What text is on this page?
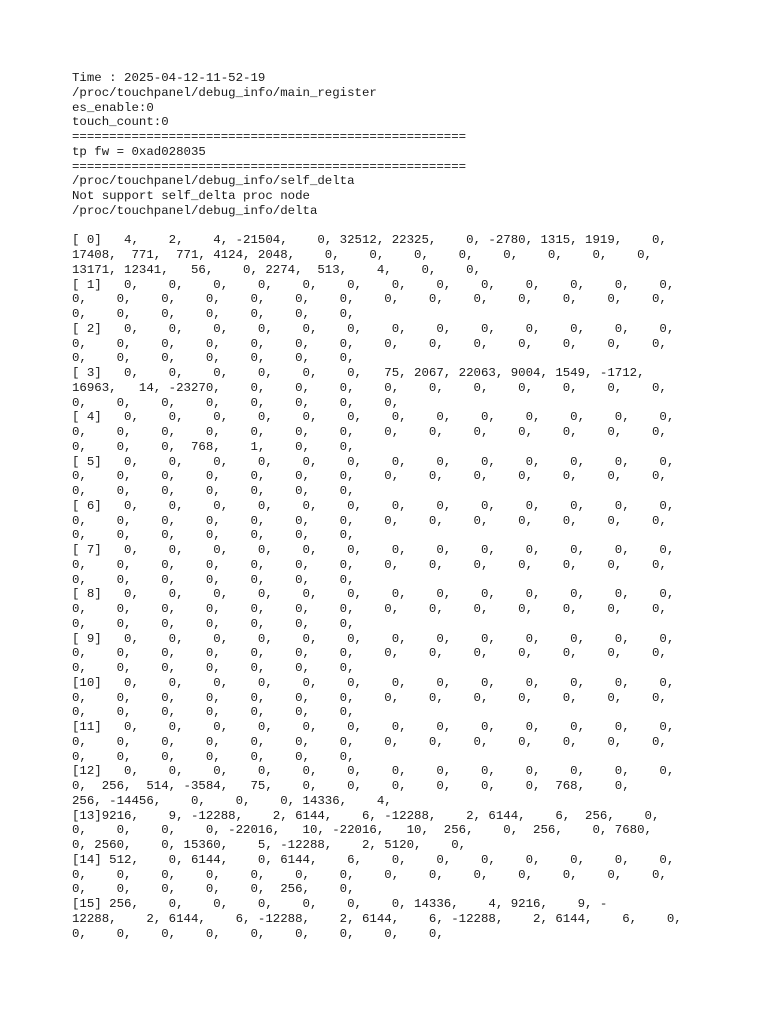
Time : 2025-04-12-11-52-19
/proc/touchpanel/debug_info/main_register
es_enable:0
touch_count:0
=====================================================
tp fw = 0xad028035
=====================================================
/proc/touchpanel/debug_info/self_delta
Not support self_delta proc node
/proc/touchpanel/debug_info/delta
[ 0]   4,    2,    4, -21504,    0, 32512, 22325,    0, -2780, 1315, 1919,    0,
17408,  771,  771, 4124, 2048,    0,    0,    0,    0,    0,    0,    0,    0,
13171, 12341,   56,    0, 2274,  513,    4,    0,    0,
[ 1]   0,    0,    0,    0,    0,    0,    0,    0,    0,    0,    0,    0,    0,
0,    0,    0,    0,    0,    0,    0,    0,    0,    0,    0,    0,    0,    0,
0,    0,    0,    0,    0,    0,    0,
[ 2]   0,    0,    0,    0,    0,    0,    0,    0,    0,    0,    0,    0,    0,
0,    0,    0,    0,    0,    0,    0,    0,    0,    0,    0,    0,    0,    0,
0,    0,    0,    0,    0,    0,    0,
[ 3]   0,    0,    0,    0,    0,    0,   75, 2067, 22063, 9004, 1549, -1712,
16963,   14, -23270,    0,    0,    0,    0,    0,    0,    0,    0,    0,    0,
0,    0,    0,    0,    0,    0,    0,    0,
[ 4]   0,    0,    0,    0,    0,    0,    0,    0,    0,    0,    0,    0,    0,
0,    0,    0,    0,    0,    0,    0,    0,    0,    0,    0,    0,    0,    0,
0,    0,    0,  768,    1,    0,    0,
[ 5]   0,    0,    0,    0,    0,    0,    0,    0,    0,    0,    0,    0,    0,
0,    0,    0,    0,    0,    0,    0,    0,    0,    0,    0,    0,    0,    0,
0,    0,    0,    0,    0,    0,    0,
[ 6]   0,    0,    0,    0,    0,    0,    0,    0,    0,    0,    0,    0,    0,
0,    0,    0,    0,    0,    0,    0,    0,    0,    0,    0,    0,    0,    0,
0,    0,    0,    0,    0,    0,    0,
[ 7]   0,    0,    0,    0,    0,    0,    0,    0,    0,    0,    0,    0,    0,
0,    0,    0,    0,    0,    0,    0,    0,    0,    0,    0,    0,    0,    0,
0,    0,    0,    0,    0,    0,    0,
[ 8]   0,    0,    0,    0,    0,    0,    0,    0,    0,    0,    0,    0,    0,
0,    0,    0,    0,    0,    0,    0,    0,    0,    0,    0,    0,    0,    0,
0,    0,    0,    0,    0,    0,    0,
[ 9]   0,    0,    0,    0,    0,    0,    0,    0,    0,    0,    0,    0,    0,
0,    0,    0,    0,    0,    0,    0,    0,    0,    0,    0,    0,    0,    0,
0,    0,    0,    0,    0,    0,    0,
[10]   0,    0,    0,    0,    0,    0,    0,    0,    0,    0,    0,    0,    0,
0,    0,    0,    0,    0,    0,    0,    0,    0,    0,    0,    0,    0,    0,
0,    0,    0,    0,    0,    0,    0,
[11]   0,    0,    0,    0,    0,    0,    0,    0,    0,    0,    0,    0,    0,
0,    0,    0,    0,    0,    0,    0,    0,    0,    0,    0,    0,    0,    0,
0,    0,    0,    0,    0,    0,    0,
[12]   0,    0,    0,    0,    0,    0,    0,    0,    0,    0,    0,    0,    0,
0,  256,  514, -3584,   75,    0,    0,    0,    0,    0,    0,  768,    0,
256, -14456,    0,    0,    0, 14336,    4,
[13]9216,    9, -12288,    2, 6144,    6, -12288,    2, 6144,    6,  256,    0,
0,    0,    0,    0, -22016,   10, -22016,   10,  256,    0,  256,    0, 7680,
0, 2560,    0, 15360,    5, -12288,    2, 5120,    0,
[14] 512,    0, 6144,    0, 6144,    6,    0,    0,    0,    0,    0,    0,    0,
0,    0,    0,    0,    0,    0,    0,    0,    0,    0,    0,    0,    0,    0,
0,    0,    0,    0,    0,  256,    0,
[15] 256,    0,    0,    0,    0,    0,    0, 14336,    4, 9216,    9, -
12288,    2, 6144,    6, -12288,    2, 6144,    6, -12288,    2, 6144,    6,    0,
0,    0,    0,    0,    0,    0,    0,    0,    0,
